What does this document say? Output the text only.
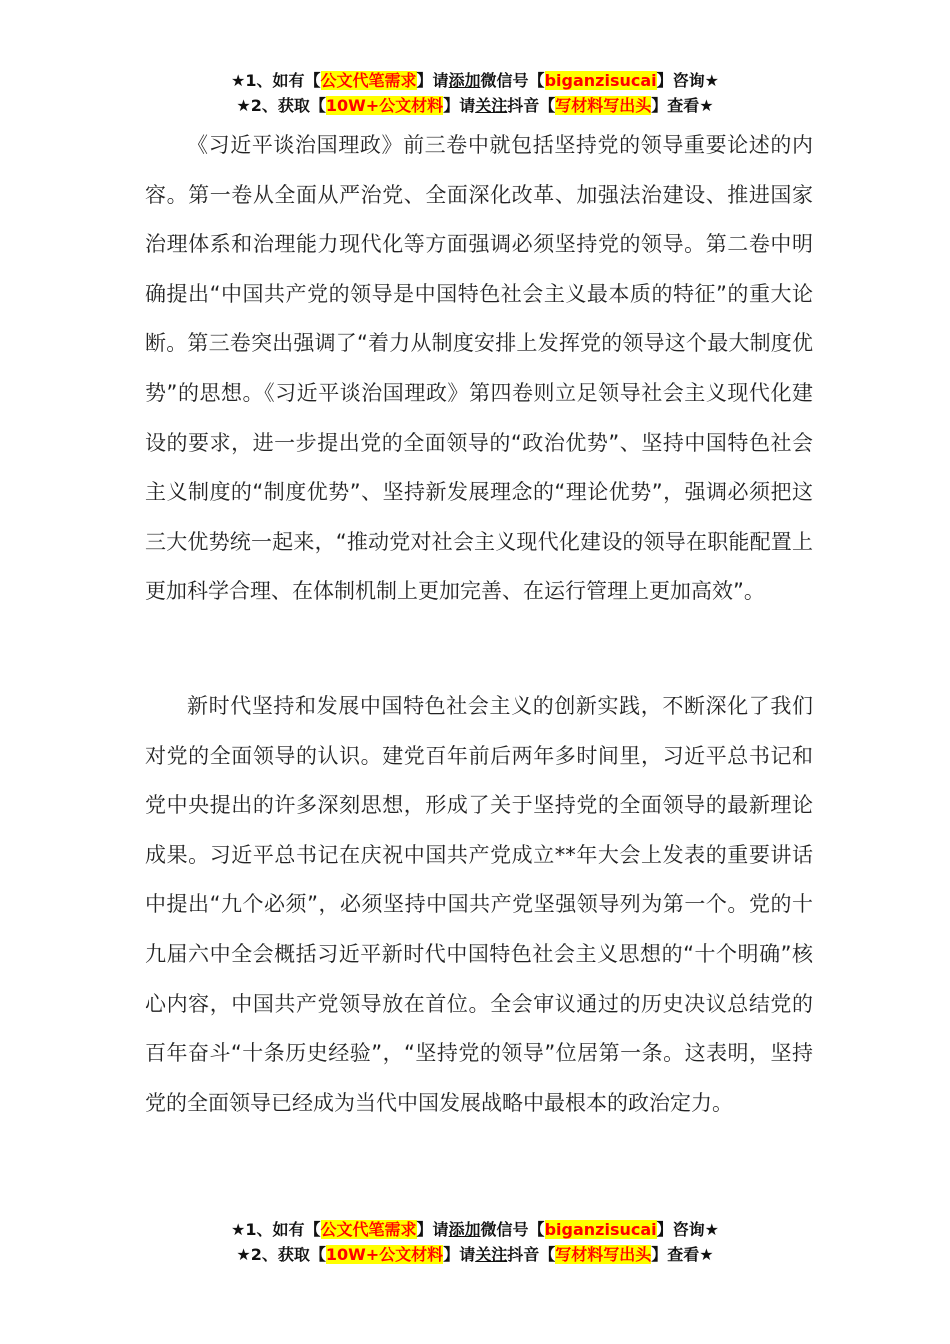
★1、如有【公文代笔需求】请添加微信号【biganzisucai】咨询★
★2、获取【10W+公文材料】请关注抖音【写材料写出头】查看★

《习近平谈治国理政》前三卷中就包括坚持党的领导重要论述的内容。第一卷从全面从严治党、全面深化改革、加强法治建设、推进国家治理体系和治理能力现代化等方面强调必须坚持党的领导。第二卷中明确提出“中国共产党的领导是中国特色社会主义最本质的特征”的重大论断。第三卷突出强调了“着力从制度安排上发挥党的领导这个最大制度优势”的思想。《习近平谈治国理政》第四卷则立足领导社会主义现代化建设的要求，进一步提出党的全面领导的“政治优势”、坚持中国特色社会主义制度的“制度优势”、坚持新发展理念的“理论优势”，强调必须把这三大优势统一起来，“推动党对社会主义现代化建设的领导在职能配置上更加科学合理、在体制机制上更加完善、在运行管理上更加高效”。

新时代坚持和发展中国特色社会主义的创新实践，不断深化了我们对党的全面领导的认识。建党百年前后两年多时间里，习近平总书记和党中央提出的许多深刻思想，形成了关于坚持党的全面领导的最新理论成果。习近平总书记在庆祝中国共产党成立**年大会上发表的重要讲话中提出“九个必须”，必须坚持中国共产党坚强领导列为第一个。党的十九届六中全会概括习近平新时代中国特色社会主义思想的“十个明确”核心内容，中国共产党领导放在首位。全会审议通过的历史决议总结党的百年奋斗“十条历史经验”，“坚持党的领导”位居第一条。这表明，坚持党的全面领导已经成为当代中国发展战略中最根本的政治定力。

★1、如有【公文代笔需求】请添加微信号【biganzisucai】咨询★
★2、获取【10W+公文材料】请关注抖音【写材料写出头】查看★
